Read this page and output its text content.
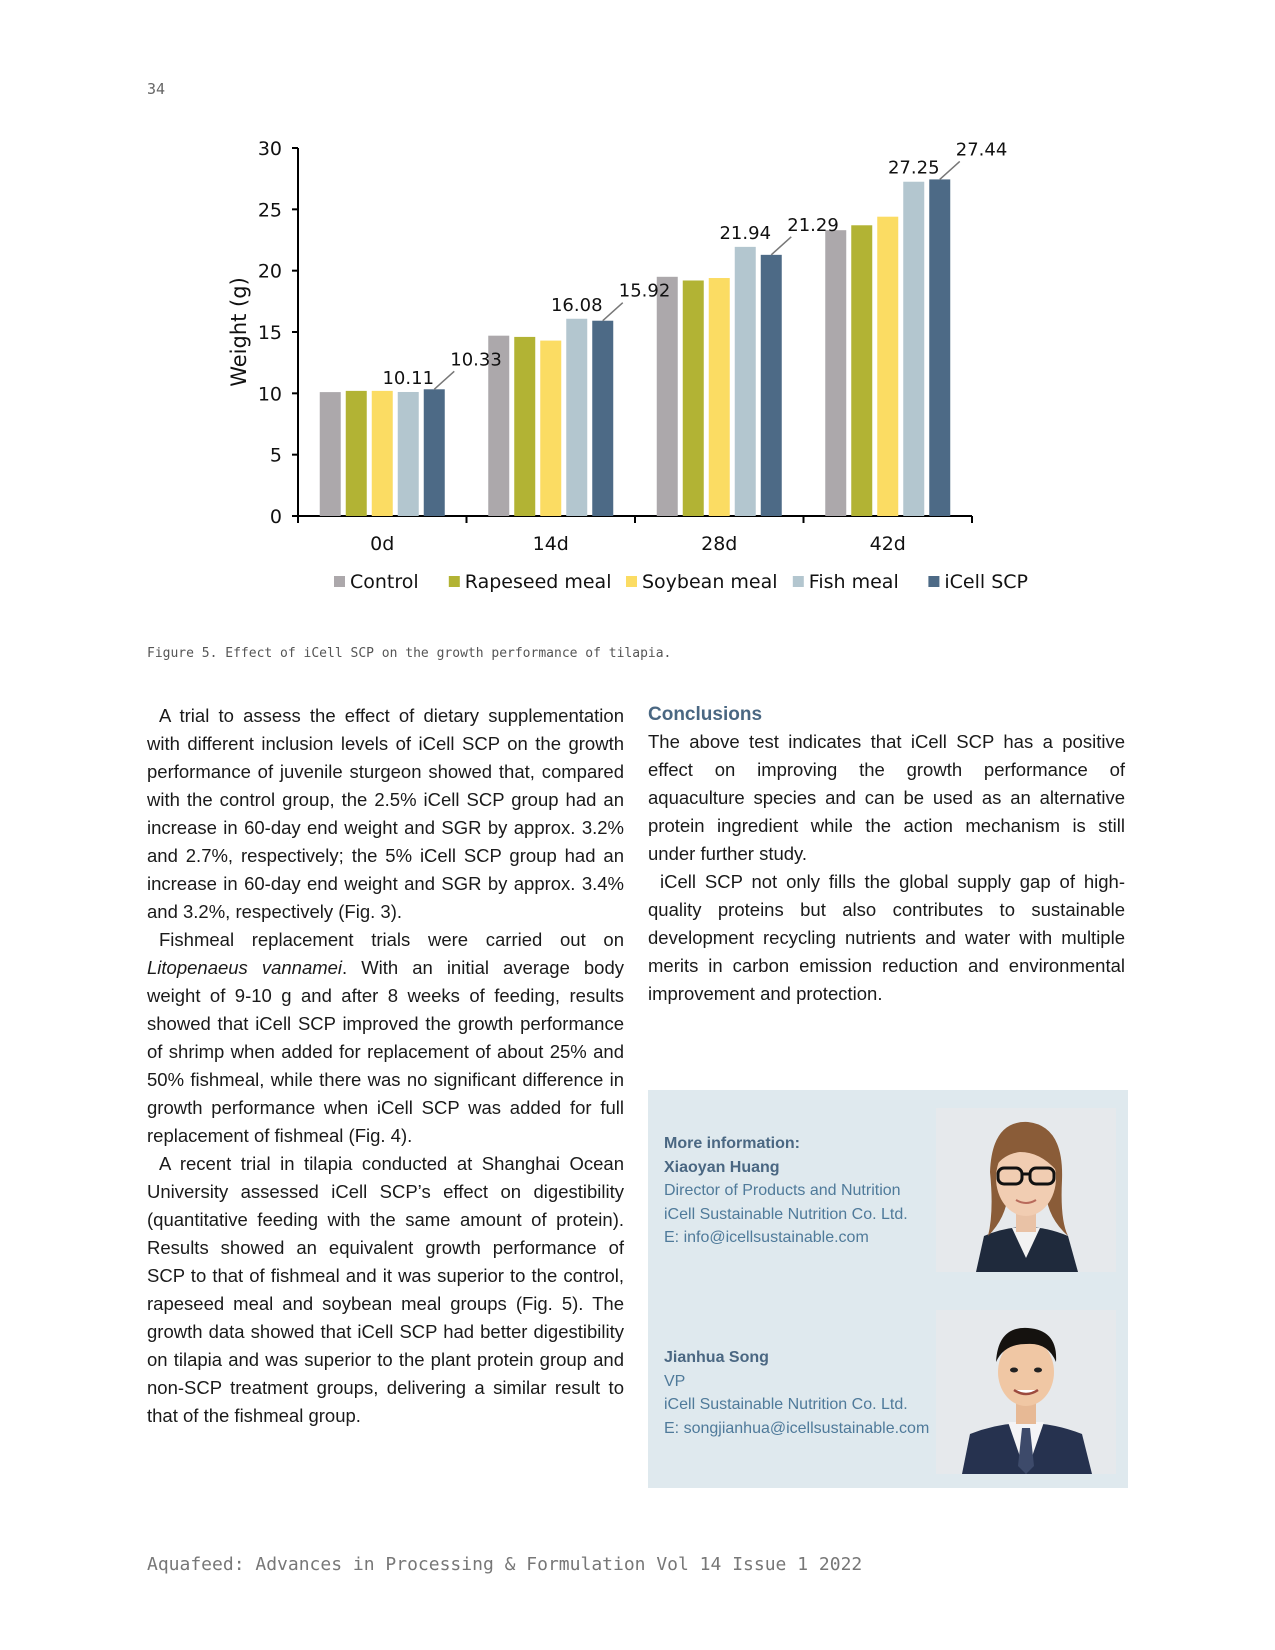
34
0
5
10
15
20
25
30
Weight (g)
0d	14d	28d	42d
10.11
10.33
16.08
15.92
21.94 21.29
27.25
27.44
Control Rapeseed meal Soybean meal Fish meal iCell SCP
Figure 5. Effect of iCell SCP on the growth performance of tilapia.

A trial to assess the effect of dietary supplementation with different inclusion levels of iCell SCP on the growth performance of juvenile sturgeon showed that, compared with the control group, the 2.5% iCell SCP group had an increase in 60-day end weight and SGR by approx. 3.2% and 2.7%, respectively; the 5% iCell SCP group had an increase in 60-day end weight and SGR by approx. 3.4% and 3.2%, respectively (Fig. 3).

Fishmeal replacement trials were carried out on Litopenaeus vannamei. With an initial average body weight of 9-10 g and after 8 weeks of feeding, results showed that iCell SCP improved the growth performance of shrimp when added for replacement of about 25% and 50% fishmeal, while there was no significant difference in growth performance when iCell SCP was added for full replacement of fishmeal (Fig. 4).

A recent trial in tilapia conducted at Shanghai Ocean University assessed iCell SCP’s effect on digestibility (quantitative feeding with the same amount of protein). Results showed an equivalent growth performance of SCP to that of fishmeal and it was superior to the control, rapeseed meal and soybean meal groups (Fig. 5). The growth data showed that iCell SCP had better digestibility on tilapia and was superior to the plant protein group and non-SCP treatment groups, delivering a similar result to that of the fishmeal group.

Conclusions

The above test indicates that iCell SCP has a positive effect on improving the growth performance of aquaculture species and can be used as an alternative protein ingredient while the action mechanism is still under further study.

iCell SCP not only fills the global supply gap of high-quality proteins but also contributes to sustainable development recycling nutrients and water with multiple merits in carbon emission reduction and environmental improvement and protection.

More information:
Xiaoyan Huang
Director of Products and Nutrition
iCell Sustainable Nutrition Co. Ltd.
E: info@icellsustainable.com
Jianhua Song
VP
iCell Sustainable Nutrition Co. Ltd.
E: songjianhua@icellsustainable.com
Aquafeed: Advances in Processing & Formulation Vol 14 Issue 1 2022
